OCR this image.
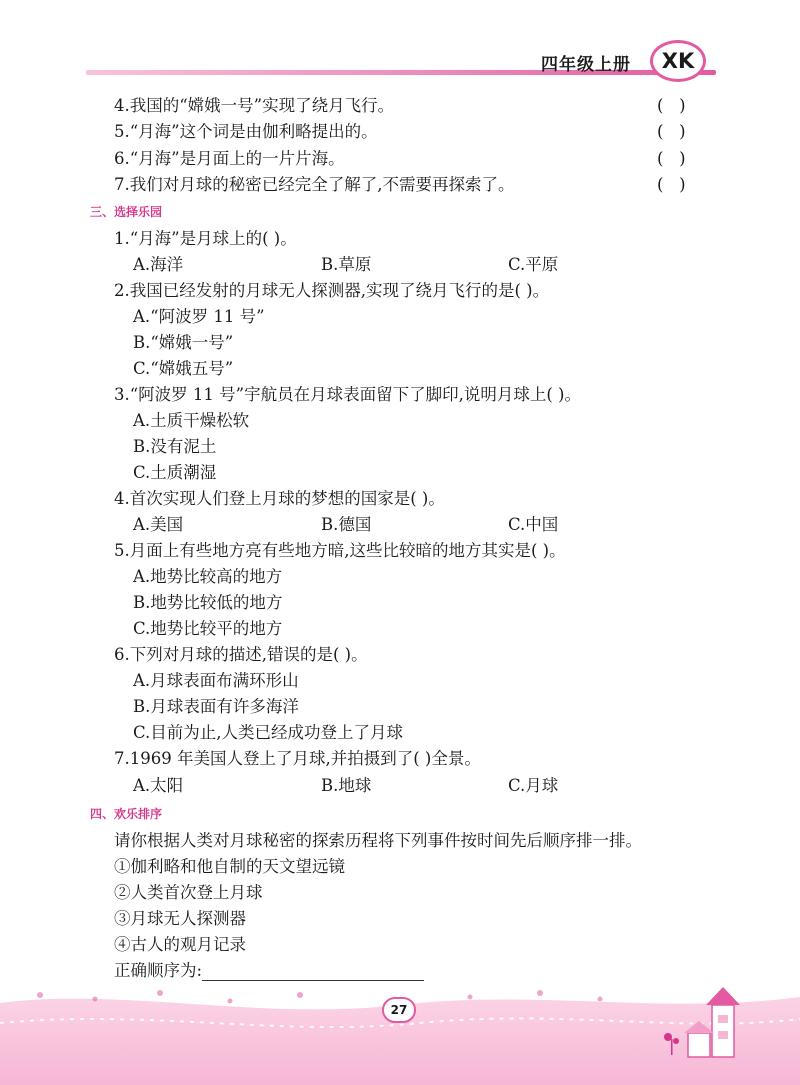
四年级上册	XK
4.我国的“嫦娥一号”实现了绕月飞行。	(   )
5.“月海”这个词是由伽利略提出的。	(   )
6.“月海”是月面上的一片片海。	(   )
7.我们对月球的秘密已经完全了解了,不需要再探索了。	(   )
三、选择乐园
1.“月海”是月球上的( )。
A.海洋	B.草原	C.平原
2.我国已经发射的月球无人探测器,实现了绕月飞行的是( )。
A.“阿波罗 11 号”
B.“嫦娥一号”
C.“嫦娥五号”
3.“阿波罗 11 号”宇航员在月球表面留下了脚印,说明月球上( )。
A.土质干燥松软
B.没有泥土
C.土质潮湿
4.首次实现人们登上月球的梦想的国家是( )。
A.美国	B.德国	C.中国
5.月面上有些地方亮有些地方暗,这些比较暗的地方其实是( )。
A.地势比较高的地方
B.地势比较低的地方
C.地势比较平的地方
6.下列对月球的描述,错误的是( )。
A.月球表面布满环形山
B.月球表面有许多海洋
C.目前为止,人类已经成功登上了月球
7.1969 年美国人登上了月球,并拍摄到了( )全景。
A.太阳	B.地球	C.月球
四、欢乐排序
请你根据人类对月球秘密的探索历程将下列事件按时间先后顺序排一排。
①伽利略和他自制的天文望远镜
②人类首次登上月球
③月球无人探测器
④古人的观月记录
正确顺序为:
27
